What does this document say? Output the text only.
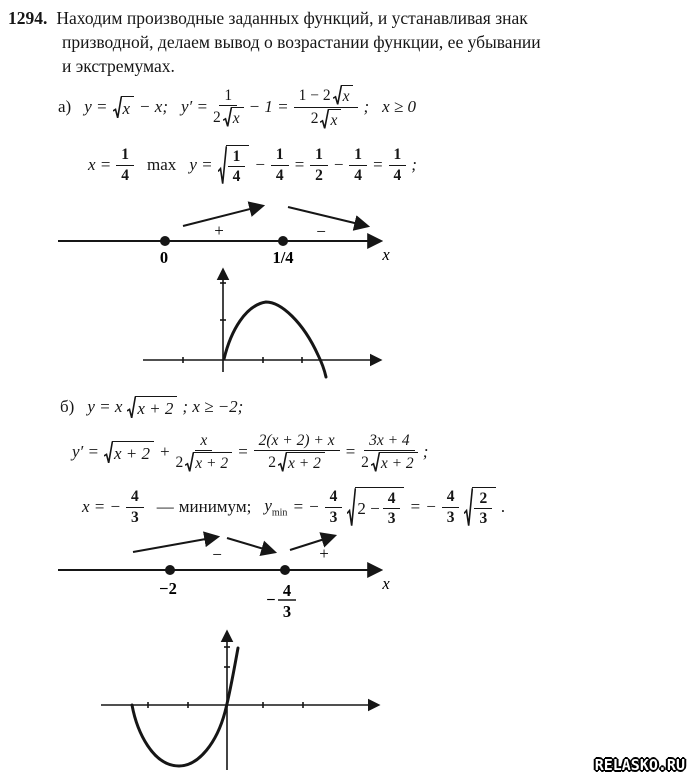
1294. Находим производные заданных функций, и устанавливая знак
призводной, делаем вывод о возрастании функции, ее убывании
и экстремумах.
а) y = x − x; $y' = \frac{1}{2 x} - 1 = \frac{1 - 2 x}{2 x}$ ; x ≥ 0
$x = \frac{1}{4}$ $\max y = \frac{1}{4} - \frac{1}{4} = \frac{1}{2} - \frac{1}{4} = \frac{1}{4}$ ;
+	−
0	1/4	x
б) y = x x + 2 ; x ≥ −2;
$y' = x + 2 + \frac{x}{2 x + 2} = \frac{2(x + 2) + x}{2 x + 2} = \frac{3x + 4}{2 x + 2}$ ;
x = − $\frac{4}{3}$ — минимум; $y_{min}$ = − $\frac{4}{3} 2 - \frac{4}{3}$ = − $\frac{4}{3} \frac{2}{3}$ .
−	+
−2
− 4
3
x
RELASKO.RU
